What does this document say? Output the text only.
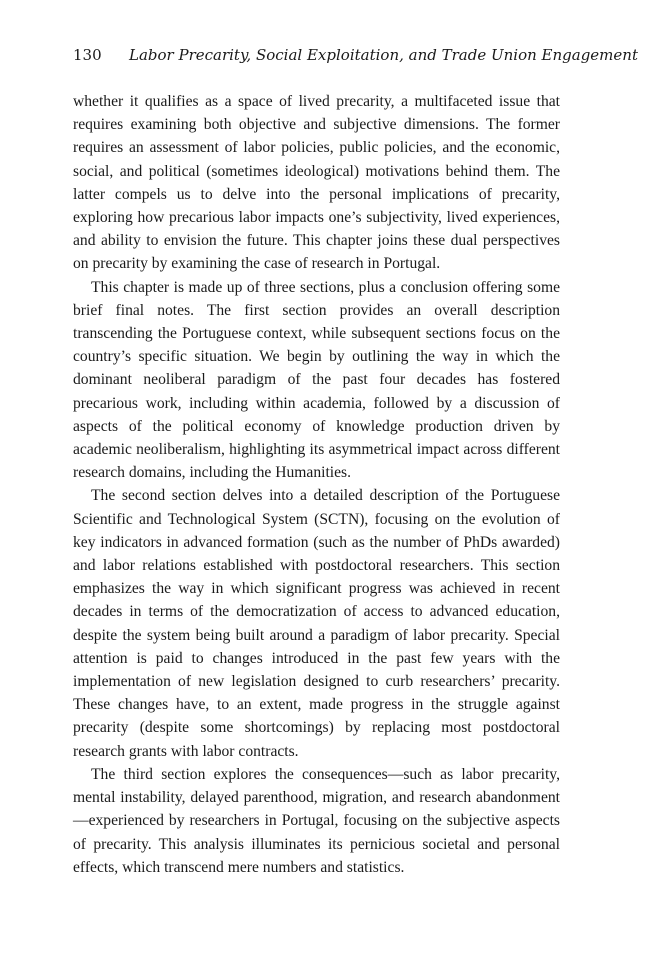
130 Labor Precarity, Social Exploitation, and Trade Union Engagement

whether it qualifies as a space of lived precarity, a multifaceted issue that requires examining both objective and subjective dimensions. The former requires an assessment of labor policies, public policies, and the economic, social, and political (sometimes ideological) motivations behind them. The latter compels us to delve into the personal implications of precarity, exploring how precarious labor impacts one’s subjectivity, lived experiences, and ability to envision the future. This chapter joins these dual perspectives on precarity by examining the case of research in Portugal.

This chapter is made up of three sections, plus a conclusion offering some brief final notes. The first section provides an overall description transcending the Portuguese context, while subsequent sections focus on the country’s specific situation. We begin by outlining the way in which the dominant neoliberal paradigm of the past four decades has fostered precarious work, including within academia, followed by a discussion of aspects of the political economy of knowledge production driven by academic neoliberalism, highlighting its asymmetrical impact across different research domains, including the Humanities.

The second section delves into a detailed description of the Portuguese Scientific and Technological System (SCTN), focusing on the evolution of key indicators in advanced formation (such as the number of PhDs awarded) and labor relations established with postdoctoral researchers. This section emphasizes the way in which significant progress was achieved in recent decades in terms of the democratization of access to advanced education, despite the system being built around a paradigm of labor precarity. Special attention is paid to changes introduced in the past few years with the implementation of new legislation designed to curb researchers’ precarity. These changes have, to an extent, made progress in the struggle against precarity (despite some shortcomings) by replacing most postdoctoral research grants with labor contracts.

The third section explores the consequences—such as labor precarity, mental instability, delayed parenthood, migration, and research abandonment—experienced by researchers in Portugal, focusing on the subjective aspects of precarity. This analysis illuminates its pernicious societal and personal effects, which transcend mere numbers and statistics.
